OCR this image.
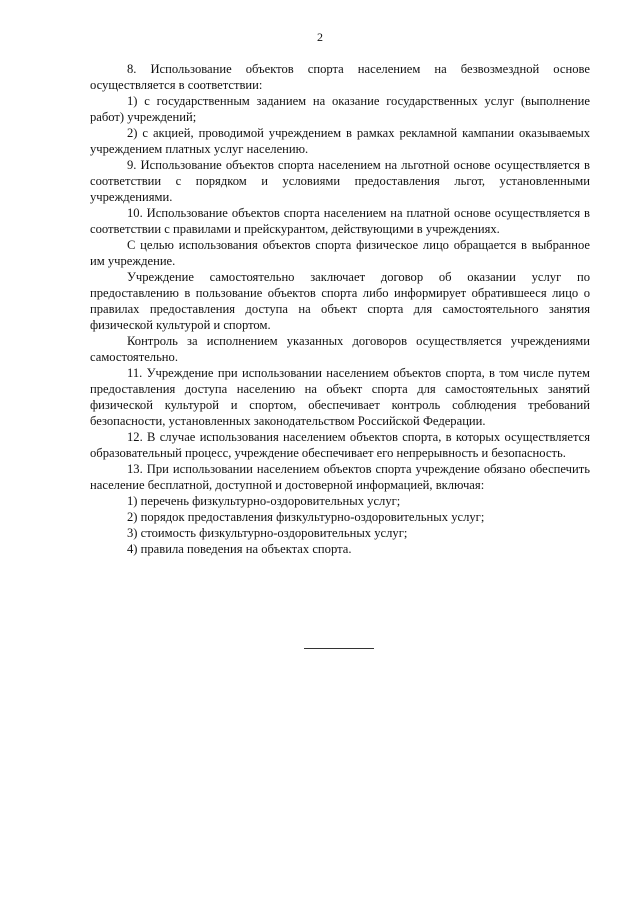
2

8. Использование объектов спорта населением на безвозмездной основе осуществляется в соответствии:

1) с государственным заданием на оказание государственных услуг (выполнение работ) учреждений;

2) с акцией, проводимой учреждением в рамках рекламной кампании оказываемых учреждением платных услуг населению.

9. Использование объектов спорта населением на льготной основе осуществляется в соответствии с порядком и условиями предоставления льгот, установленными учреждениями.

10. Использование объектов спорта населением на платной основе осуществляется в соответствии с правилами и прейскурантом, действующими в учреждениях.

С целью использования объектов спорта физическое лицо обращается в выбранное им учреждение.

Учреждение самостоятельно заключает договор об оказании услуг по предоставлению в пользование объектов спорта либо информирует обратившееся лицо о правилах предоставления доступа на объект спорта для самостоятельного занятия физической культурой и спортом.

Контроль за исполнением указанных договоров осуществляется учреждениями самостоятельно.

11. Учреждение при использовании населением объектов спорта, в том числе путем предоставления доступа населению на объект спорта для самостоятельных занятий физической культурой и спортом, обеспечивает контроль соблюдения требований безопасности, установленных законодательством Российской Федерации.

12. В случае использования населением объектов спорта, в которых осуществляется образовательный процесс, учреждение обеспечивает его непрерывность и безопасность.

13. При использовании населением объектов спорта учреждение обязано обеспечить население бесплатной, доступной и достоверной информацией, включая:

1) перечень физкультурно-оздоровительных услуг;

2) порядок предоставления физкультурно-оздоровительных услуг;

3) стоимость физкультурно-оздоровительных услуг;

4) правила поведения на объектах спорта.
